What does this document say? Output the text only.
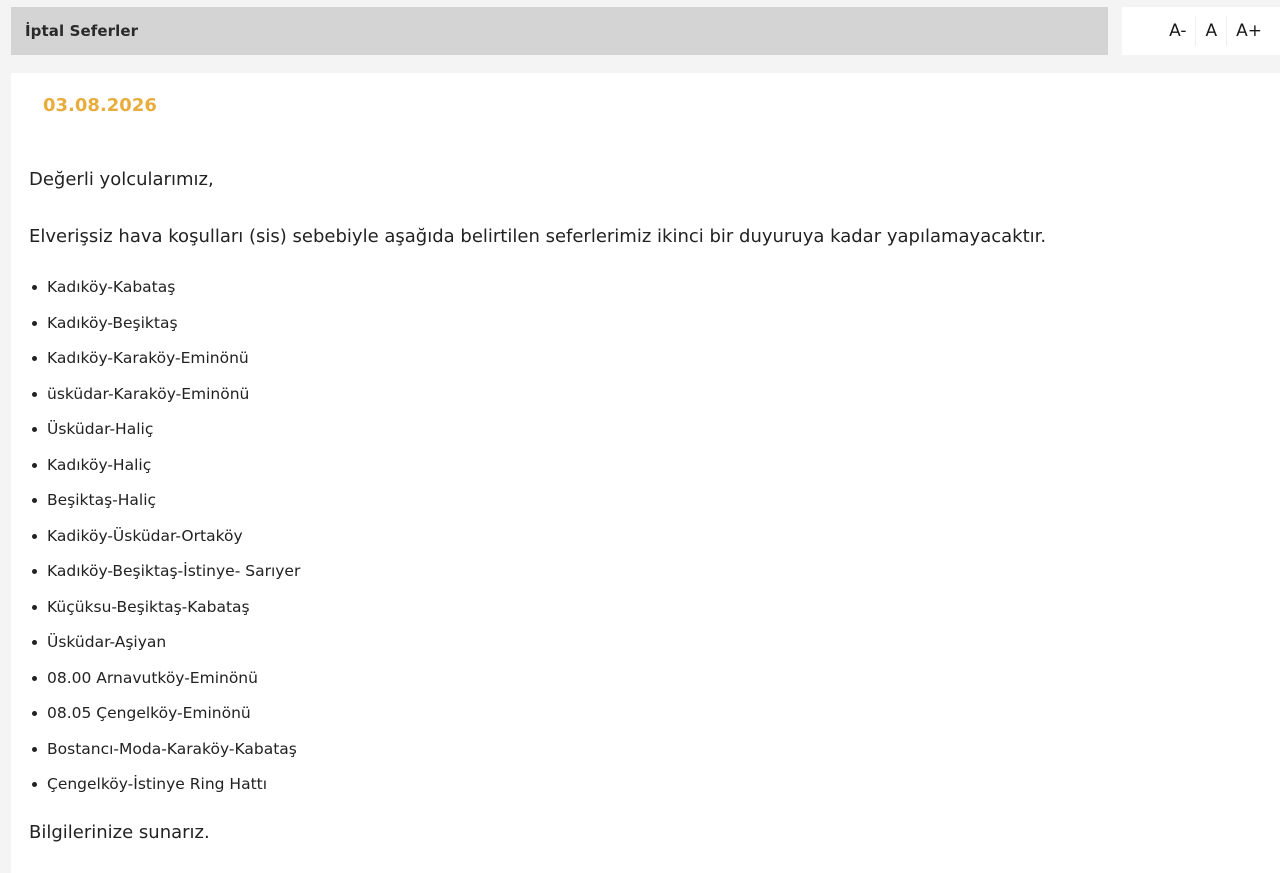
İptal Seferler	A-	A	A+
03.08.2026

Değerli yolcularımız,

Elverişsiz hava koşulları (sis) sebebiyle aşağıda belirtilen seferlerimiz ikinci bir duyuruya kadar yapılamayacaktır.

Kadıköy-Kabataş
Kadıköy-Beşiktaş
Kadıköy-Karaköy-Eminönü
üsküdar-Karaköy-Eminönü
Üsküdar-Haliç
Kadıköy-Haliç
Beşiktaş-Haliç
Kadiköy-Üsküdar-Ortaköy
Kadıköy-Beşiktaş-İstinye- Sarıyer
Küçüksu-Beşiktaş-Kabataş
Üsküdar-Aşiyan
08.00 Arnavutköy-Eminönü
08.05 Çengelköy-Eminönü
Bostancı-Moda-Karaköy-Kabataş
Çengelköy-İstinye Ring Hattı

Bilgilerinize sunarız.
